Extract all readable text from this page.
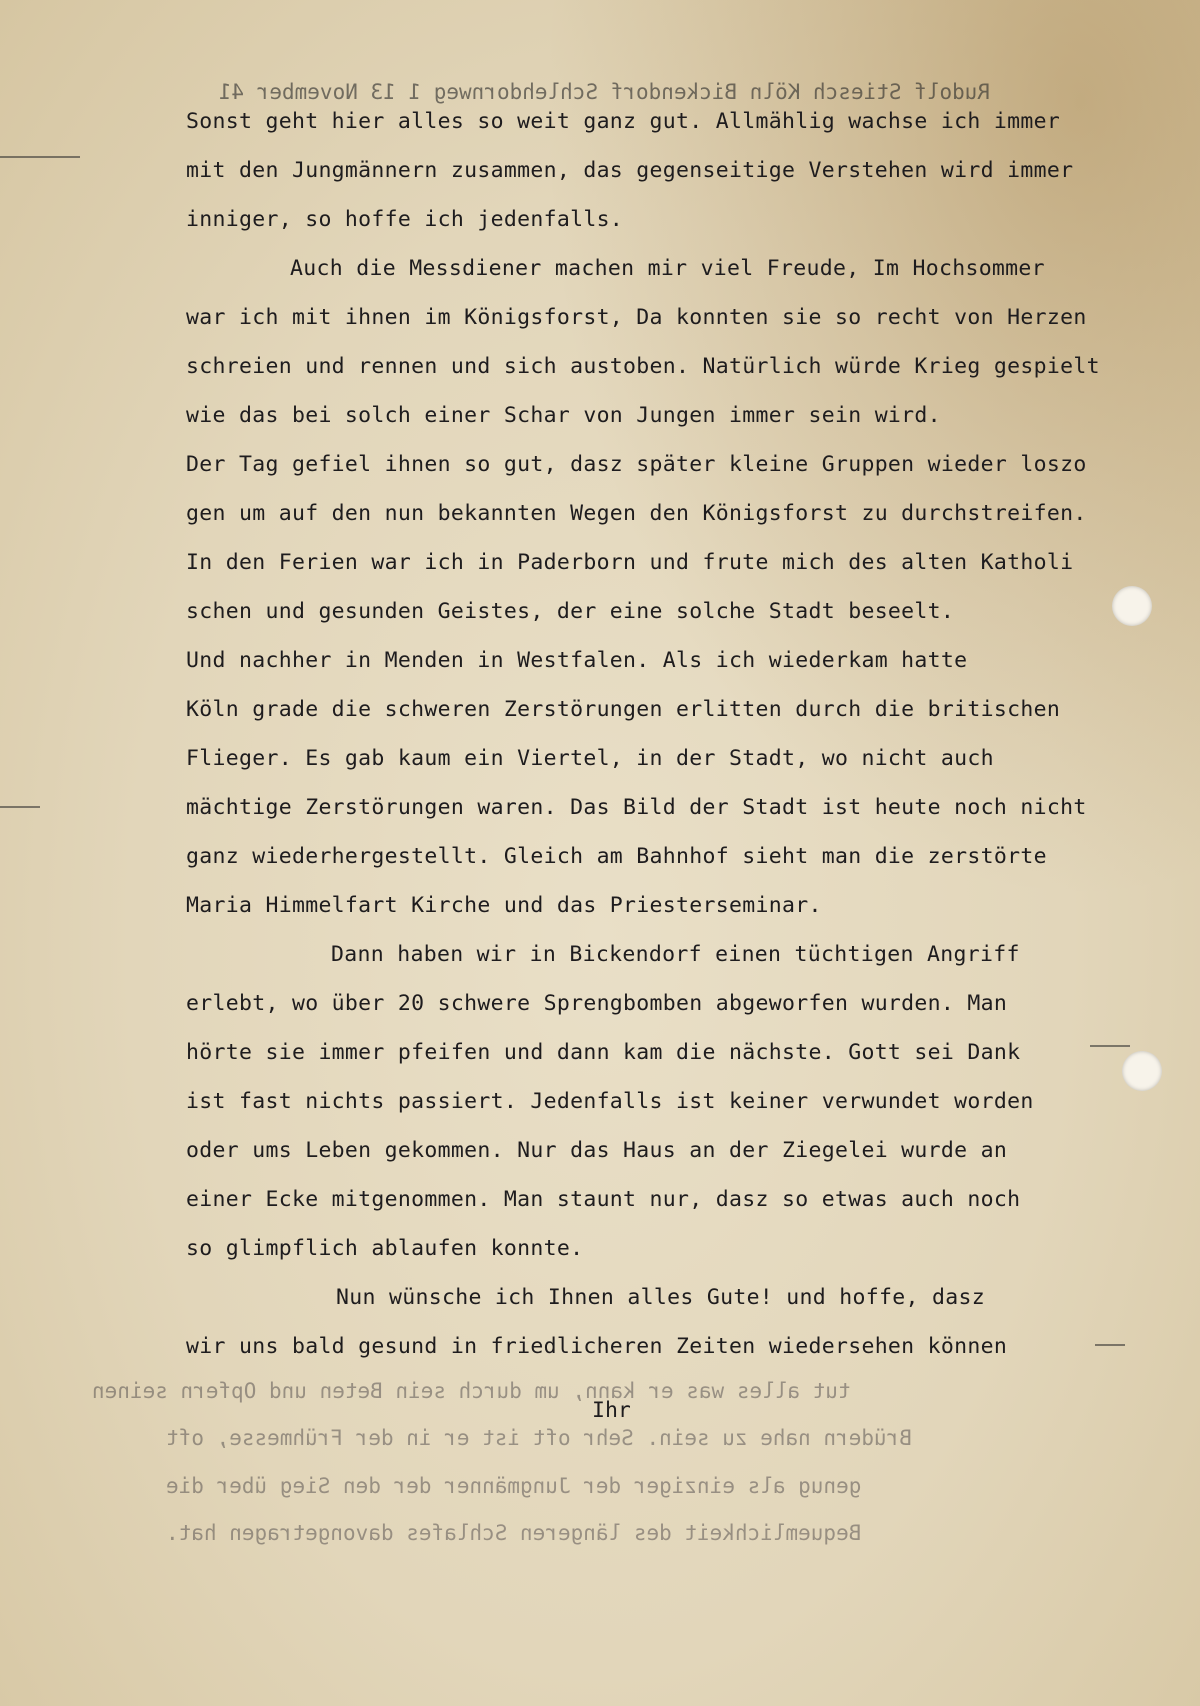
Rudolf Stiesch Köln Bickendorf Schlehdornweg 1 13 November 41
tut alles was er kann, um durch sein Beten und Opfern seinen
Brüdern nahe zu sein. Sehr oft ist er in der Frühmesse, oft
genug als einziger der Jungmänner der den Sieg über die
Bequemlichkeit des längeren Schlafes davongetragen hat.
Sonst geht hier alles so weit ganz gut. Allmählig wachse ich immer
mit den Jungmännern zusammen, das gegenseitige Verstehen wird immer
inniger, so hoffe ich jedenfalls.
Auch die Messdiener machen mir viel Freude, Im Hochsommer
war ich mit ihnen im Königsforst, Da konnten sie so recht von Herzen
schreien und rennen und sich austoben. Natürlich würde Krieg gespielt
wie das bei solch einer Schar von Jungen immer sein wird.
Der Tag gefiel ihnen so gut, dasz später kleine Gruppen wieder loszo
gen um auf den nun bekannten Wegen den Königsforst zu durchstreifen.
In den Ferien war ich in Paderborn und frute mich des alten Katholi
schen und gesunden Geistes, der eine solche Stadt beseelt.
Und nachher in Menden in Westfalen. Als ich wiederkam hatte
Köln grade die schweren Zerstörungen erlitten durch die britischen
Flieger. Es gab kaum ein Viertel, in der Stadt, wo nicht auch
mächtige Zerstörungen waren. Das Bild der Stadt ist heute noch nicht
ganz wiederhergestellt. Gleich am Bahnhof sieht man die zerstörte
Maria Himmelfart Kirche und das Priesterseminar.
Dann haben wir in Bickendorf einen tüchtigen Angriff
erlebt, wo über 20 schwere Sprengbomben abgeworfen wurden. Man
hörte sie immer pfeifen und dann kam die nächste. Gott sei Dank
ist fast nichts passiert. Jedenfalls ist keiner verwundet worden
oder ums Leben gekommen. Nur das Haus an der Ziegelei wurde an
einer Ecke mitgenommen. Man staunt nur, dasz so etwas auch noch
so glimpflich ablaufen konnte.
Nun wünsche ich Ihnen alles Gute! und hoffe, dasz
wir uns bald gesund in friedlicheren Zeiten wiedersehen können
Ihr
